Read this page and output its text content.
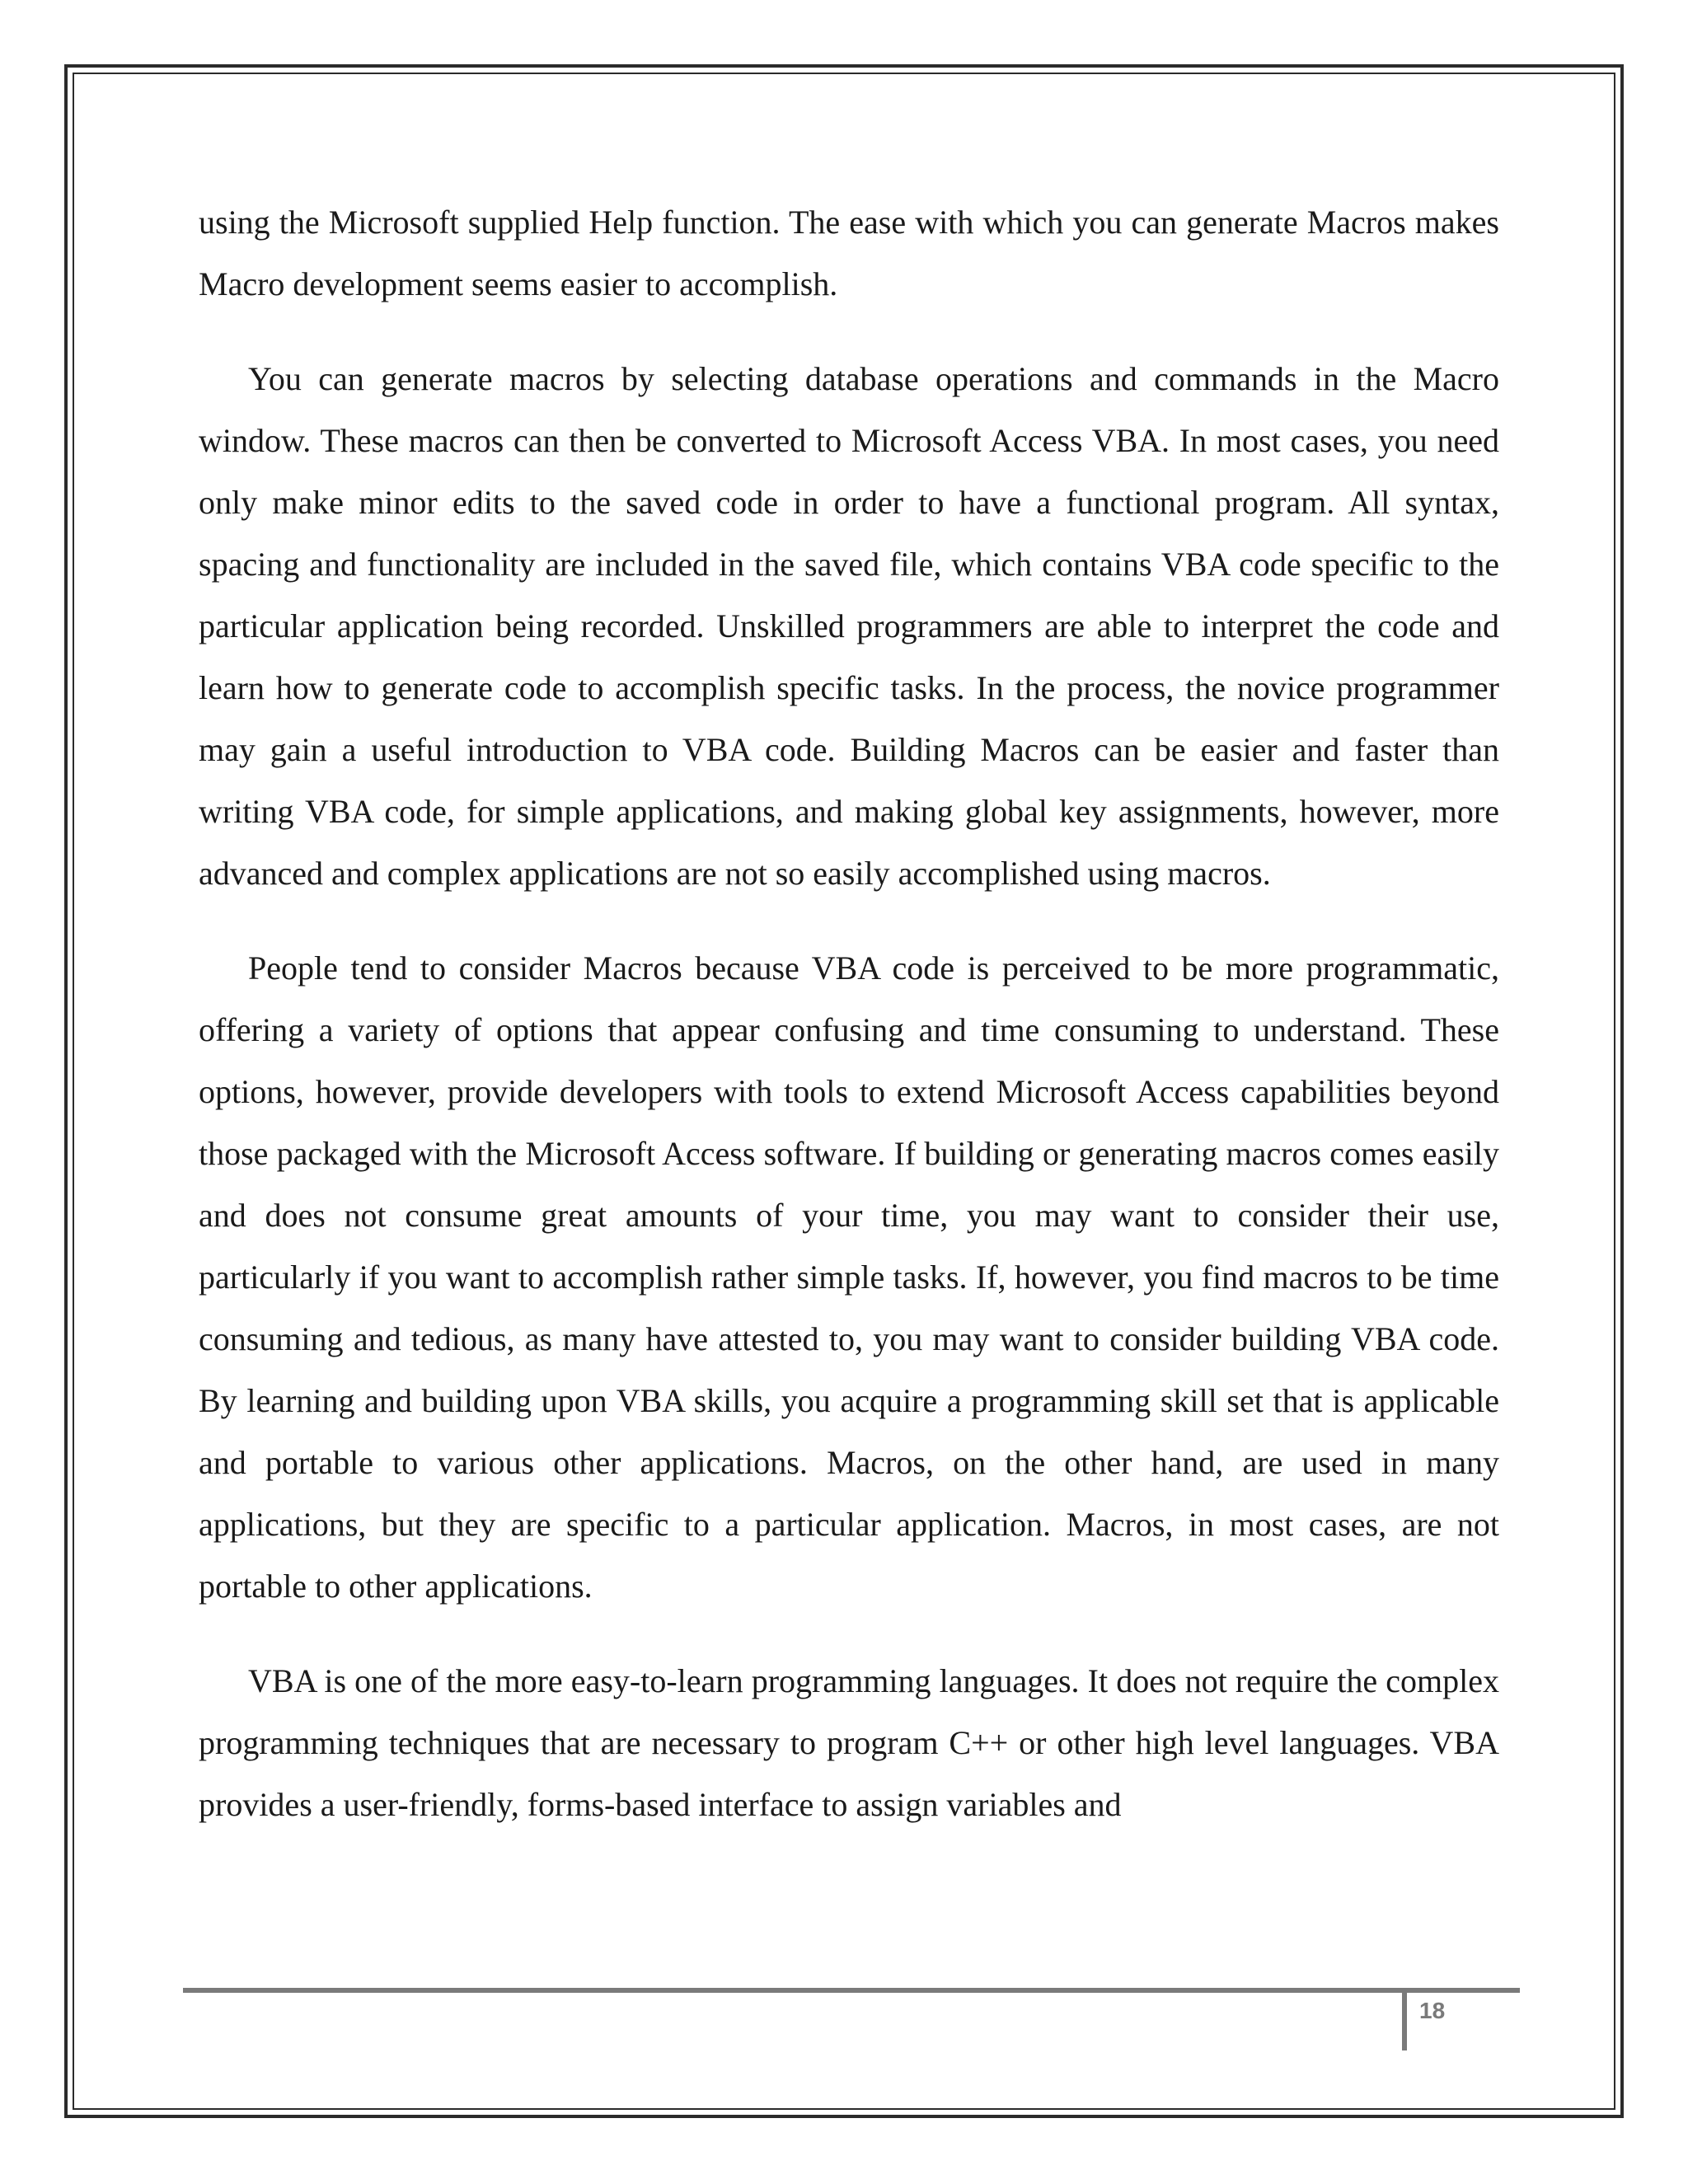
using the Microsoft supplied Help function. The ease with which you can generate Macros makes Macro development seems easier to accomplish.

You can generate macros by selecting database operations and commands in the Macro window. These macros can then be converted to Microsoft Access VBA. In most cases, you need only make minor edits to the saved code in order to have a functional program. All syntax, spacing and functionality are included in the saved file, which contains VBA code specific to the particular application being recorded. Unskilled programmers are able to interpret the code and learn how to generate code to accomplish specific tasks. In the process, the novice programmer may gain a useful introduction to VBA code. Building Macros can be easier and faster than writing VBA code, for simple applications, and making global key assignments, however, more advanced and complex applications are not so easily accomplished using macros.

People tend to consider Macros because VBA code is perceived to be more programmatic, offering a variety of options that appear confusing and time consuming to understand. These options, however, provide developers with tools to extend Microsoft Access capabilities beyond those packaged with the Microsoft Access software. If building or generating macros comes easily and does not consume great amounts of your time, you may want to consider their use, particularly if you want to accomplish rather simple tasks. If, however, you find macros to be time consuming and tedious, as many have attested to, you may want to consider building VBA code. By learning and building upon VBA skills, you acquire a programming skill set that is applicable and portable to various other applications. Macros, on the other hand, are used in many applications, but they are specific to a particular application. Macros, in most cases, are not portable to other applications.

VBA is one of the more easy-to-learn programming languages. It does not require the complex programming techniques that are necessary to program C++ or other high level languages. VBA provides a user-friendly, forms-based interface to assign variables and

18
